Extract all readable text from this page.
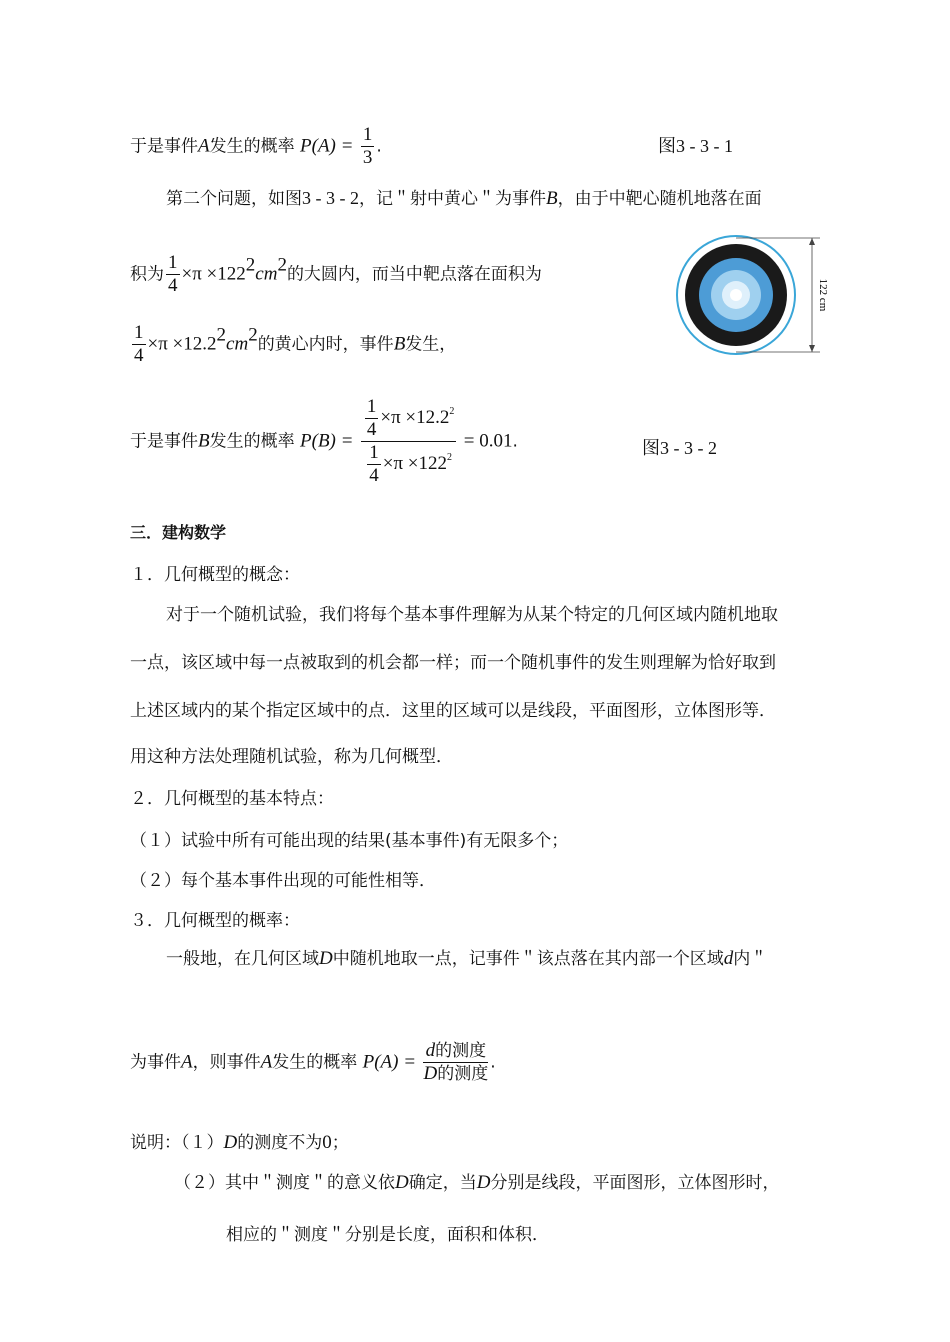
于是事件A发生的概率 $P(A) = \frac{1}{3}$ .	图3 - 3 - 1
第二个问题，如图3 - 3 - 2，记＂射中黄心＂为事件B，由于中靶心随机地落在面
积为 $\frac{1}{4} \times\pi \times 122^2cm^2$的大圆内，而当中靶点落在面积为
$\frac{1}{4} \times\pi \times 12.2^2cm^2$的黄心内时，事件B发生，
122 cm
于是事件B发生的概率 $P(B) = \frac{\frac{1}{4} \times\pi \times 12.2^2}{\frac{1}{4} \times\pi \times 122^2} = 0.01$.	图3 - 3 - 2
三．建构数学
１．几何概型的概念：
对于一个随机试验，我们将每个基本事件理解为从某个特定的几何区域内随机地取
一点，该区域中每一点被取到的机会都一样；而一个随机事件的发生则理解为恰好取到
上述区域内的某个指定区域中的点．这里的区域可以是线段，平面图形，立体图形等．
用这种方法处理随机试验，称为几何概型．
２．几何概型的基本特点：
（１）试验中所有可能出现的结果(基本事件)有无限多个；
（２）每个基本事件出现的可能性相等．
３．几何概型的概率：
一般地，在几何区域D中随机地取一点，记事件＂该点落在其内部一个区域d内＂
为事件A，则事件A发生的概率 $P(A) = \frac{\text{d的测度}}{\text{D的测度}}$ .
说明：（１）D的测度不为0；
（２）其中＂测度＂的意义依D确定，当D分别是线段，平面图形，立体图形时，
相应的＂测度＂分别是长度，面积和体积．
